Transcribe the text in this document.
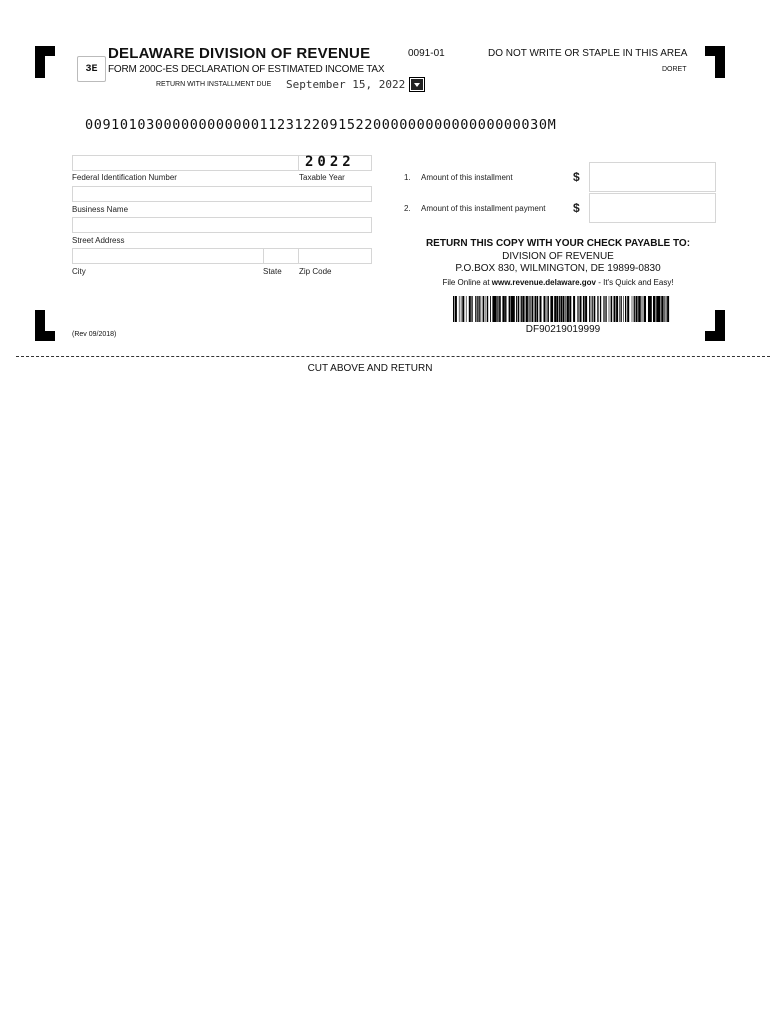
3E
DELAWARE DIVISION OF REVENUE
FORM 200C-ES DECLARATION OF ESTIMATED INCOME TAX
0091-01	DO NOT WRITE OR STAPLE IN THIS AREA
DORET
RETURN WITH INSTALLMENT DUE September 15, 2022
00910103000000000000112312209152200000000000000000030M
2022
Federal Identification Number	Taxable Year
Business Name
Street Address
City	State Zip Code
1. Amount of this installment	$
2. Amount of this installment payment $
RETURN THIS COPY WITH YOUR CHECK PAYABLE TO:
DIVISION OF REVENUE
P.O.BOX 830, WILMINGTON, DE 19899-0830
File Online at www.revenue.delaware.gov - It's Quick and Easy!
DF90219019999
(Rev 09/2018)
CUT ABOVE AND RETURN
